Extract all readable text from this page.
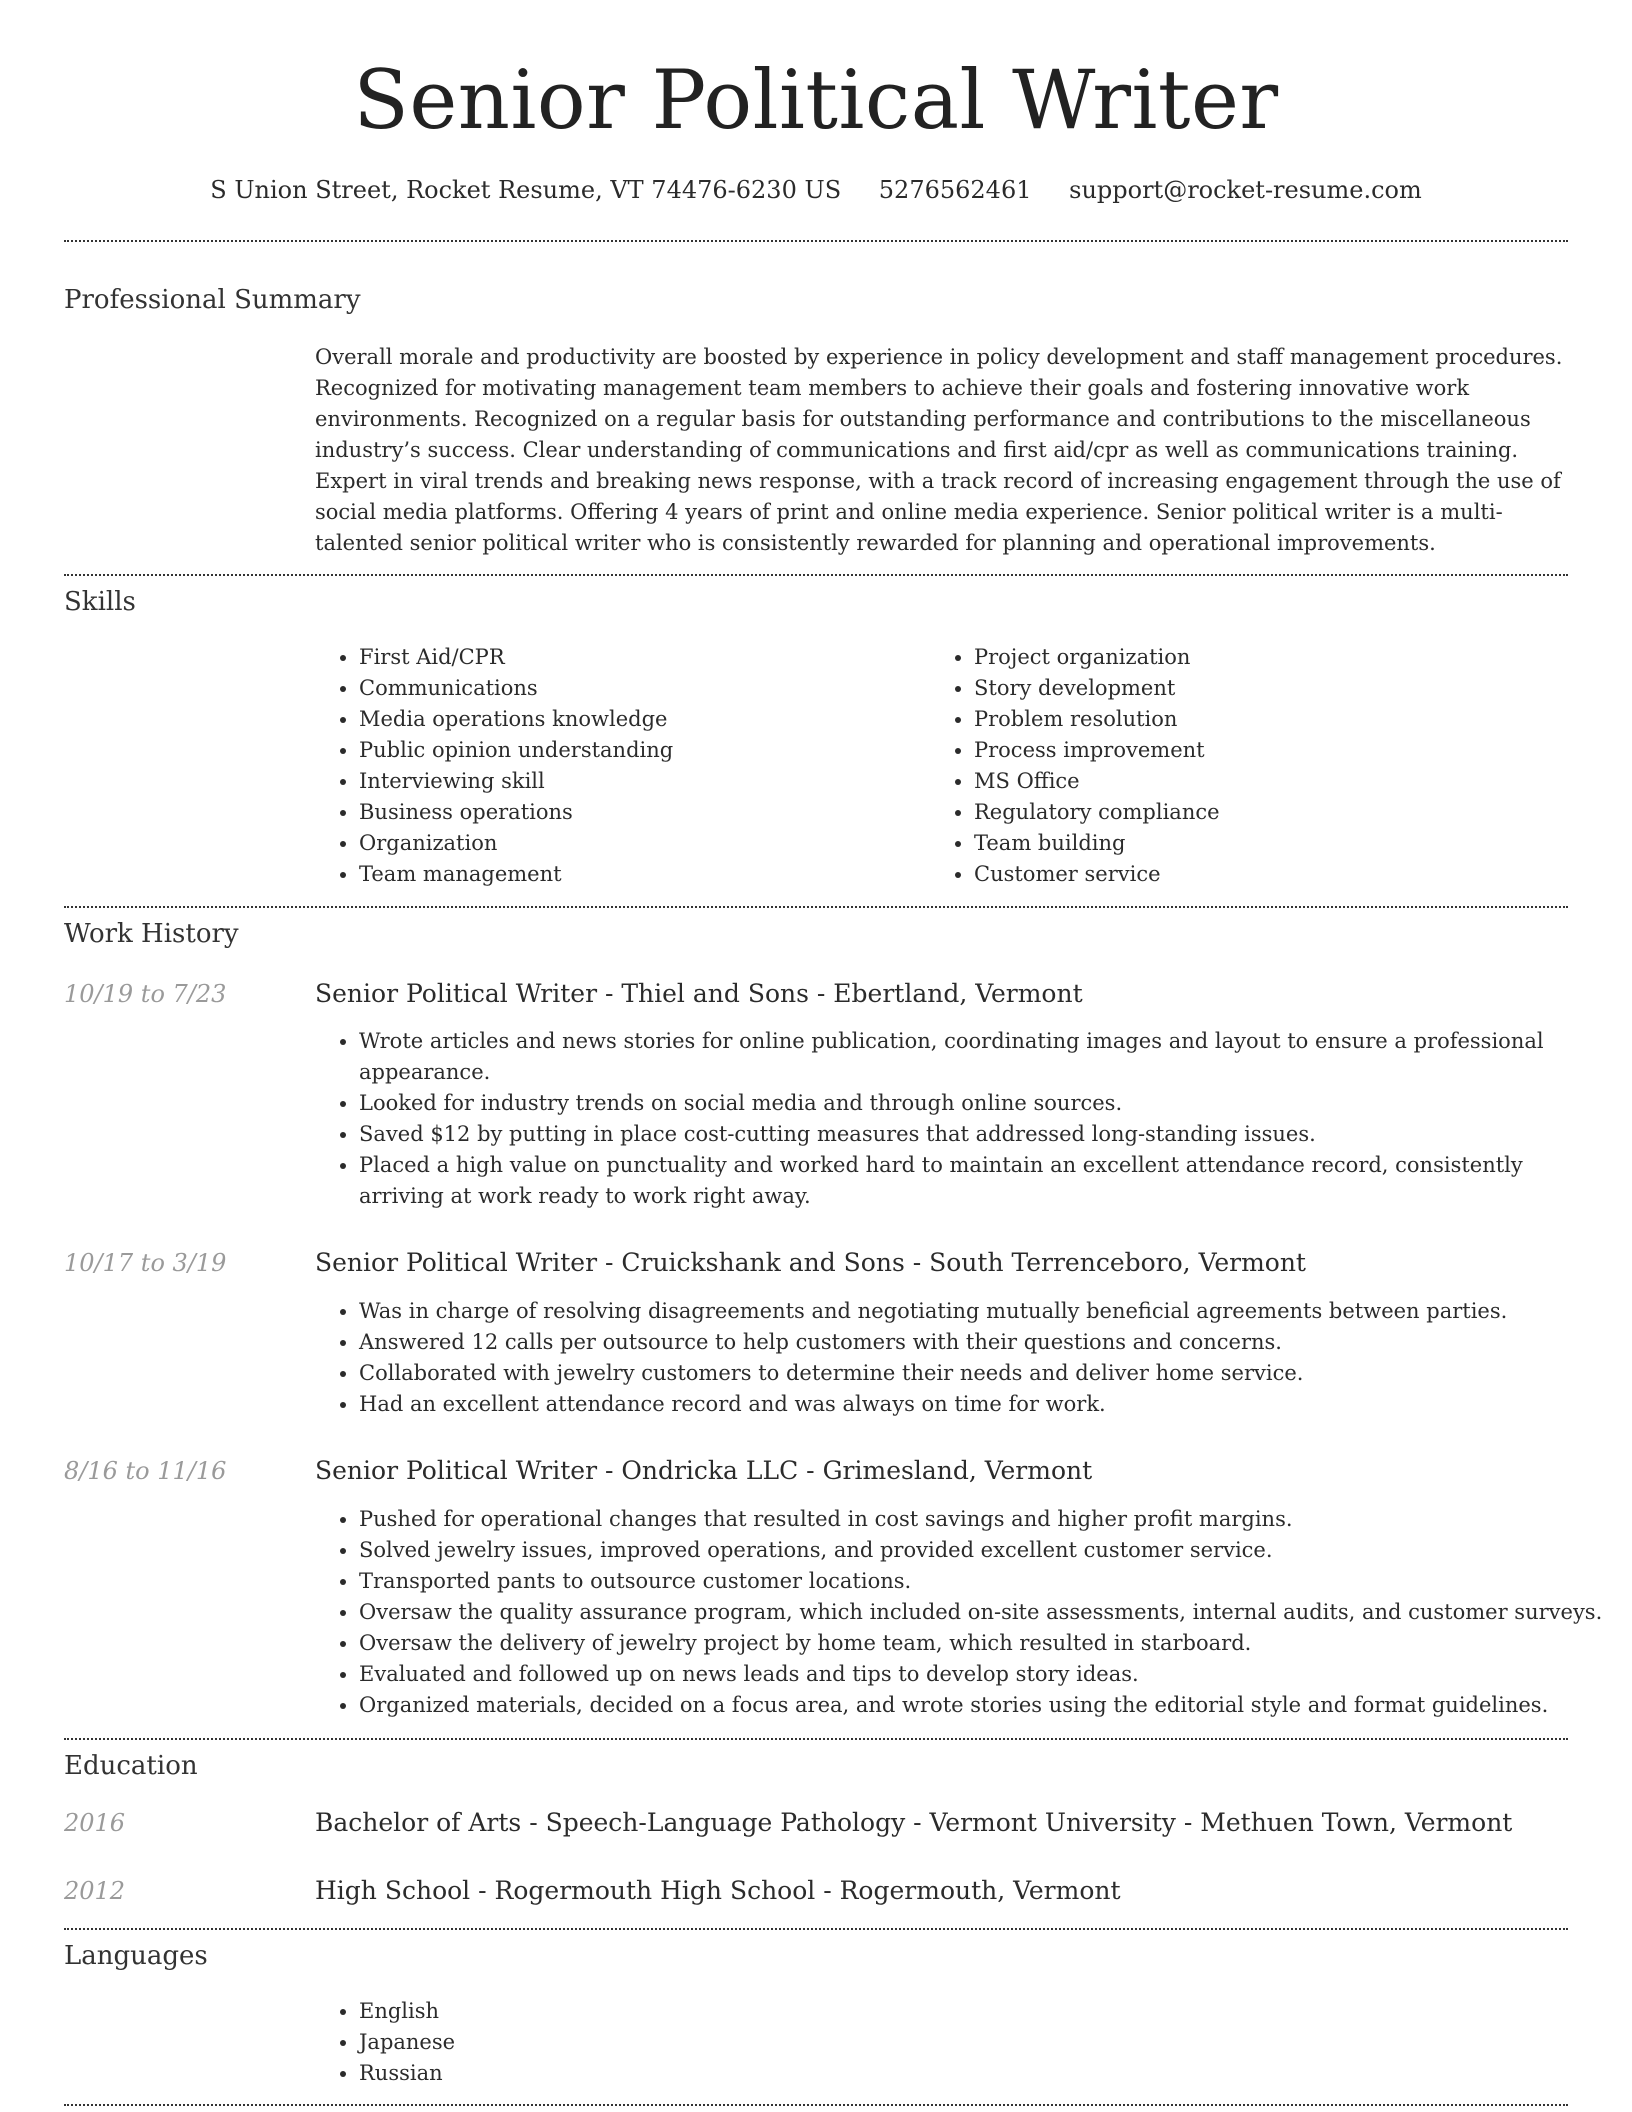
Senior Political Writer
S Union Street, Rocket Resume, VT 74476-6230 US 5276562461 support@rocket-resume.com
Professional Summary

Overall morale and productivity are boosted by experience in policy development and staff management procedures. Recognized for motivating management team members to achieve their goals and fostering innovative work environments. Recognized on a regular basis for outstanding performance and contributions to the miscellaneous industry’s success. Clear understanding of communications and first aid/cpr as well as communications training. Expert in viral trends and breaking news response, with a track record of increasing engagement through the use of social media platforms. Offering 4 years of print and online media experience. Senior political writer is a multi-talented senior political writer who is consistently rewarded for planning and operational improvements.

Skills
• First Aid/CPR
• Communications
• Media operations knowledge
• Public opinion understanding
• Interviewing skill
• Business operations
• Organization
• Team management
• Project organization
• Story development
• Problem resolution
• Process improvement
• MS Office
• Regulatory compliance
• Team building
• Customer service
Work History
10/19 to 7/23	Senior Political Writer - Thiel and Sons - Ebertland, Vermont
• Wrote articles and news stories for online publication, coordinating images and layout to ensure a professional appearance.
• Looked for industry trends on social media and through online sources.
• Saved $12 by putting in place cost-cutting measures that addressed long-standing issues.
• Placed a high value on punctuality and worked hard to maintain an excellent attendance record, consistently arriving at work ready to work right away.
10/17 to 3/19	Senior Political Writer - Cruickshank and Sons - South Terrenceboro, Vermont
• Was in charge of resolving disagreements and negotiating mutually beneficial agreements between parties.
• Answered 12 calls per outsource to help customers with their questions and concerns.
• Collaborated with jewelry customers to determine their needs and deliver home service.
• Had an excellent attendance record and was always on time for work.
8/16 to 11/16	Senior Political Writer - Ondricka LLC - Grimesland, Vermont
• Pushed for operational changes that resulted in cost savings and higher profit margins.
• Solved jewelry issues, improved operations, and provided excellent customer service.
• Transported pants to outsource customer locations.
• Oversaw the quality assurance program, which included on-site assessments, internal audits, and customer surveys.
• Oversaw the delivery of jewelry project by home team, which resulted in starboard.
• Evaluated and followed up on news leads and tips to develop story ideas.
• Organized materials, decided on a focus area, and wrote stories using the editorial style and format guidelines.
Education
2016	Bachelor of Arts - Speech-Language Pathology - Vermont University - Methuen Town, Vermont
2012	High School - Rogermouth High School - Rogermouth, Vermont
Languages
• English
• Japanese
• Russian
